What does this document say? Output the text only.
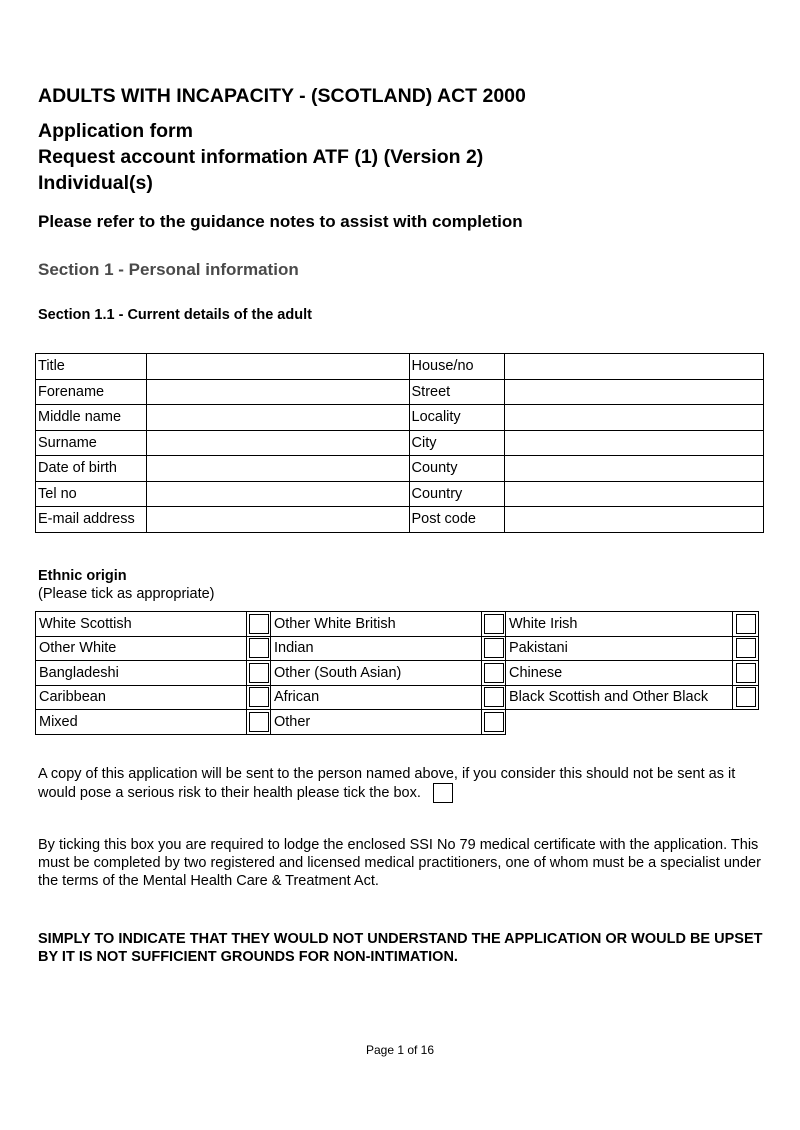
ADULTS WITH INCAPACITY - (SCOTLAND) ACT 2000
Application form
Request account information ATF (1) (Version 2)
Individual(s)
Please refer to the guidance notes to assist with completion
Section 1 - Personal information
Section 1.1 - Current details of the adult
Title		House/no	
Forename		Street	
Middle name		Locality	
Surname		City	
Date of birth		County	
Tel no		Country	
E-mail address		Post code	
Ethnic origin
(Please tick as appropriate)
White Scottish		Other White British		White Irish	

Other White		Indian		Pakistani	

Bangladeshi		Other (South Asian)		Chinese	

Caribbean		African		Black Scottish and Other Black	

Mixed		Other		

A copy of this application will be sent to the person named above, if you consider this should not be sent as it would pose a serious risk to their health please tick the box.
By ticking this box you are required to lodge the enclosed SSI No 79 medical certificate with the application. This must be completed by two registered and licensed medical practitioners, one of whom must be a specialist under the terms of the Mental Health Care & Treatment Act.
SIMPLY TO INDICATE THAT THEY WOULD NOT UNDERSTAND THE APPLICATION OR WOULD BE UPSET BY IT IS NOT SUFFICIENT GROUNDS FOR NON-INTIMATION.
Page 1 of 16
